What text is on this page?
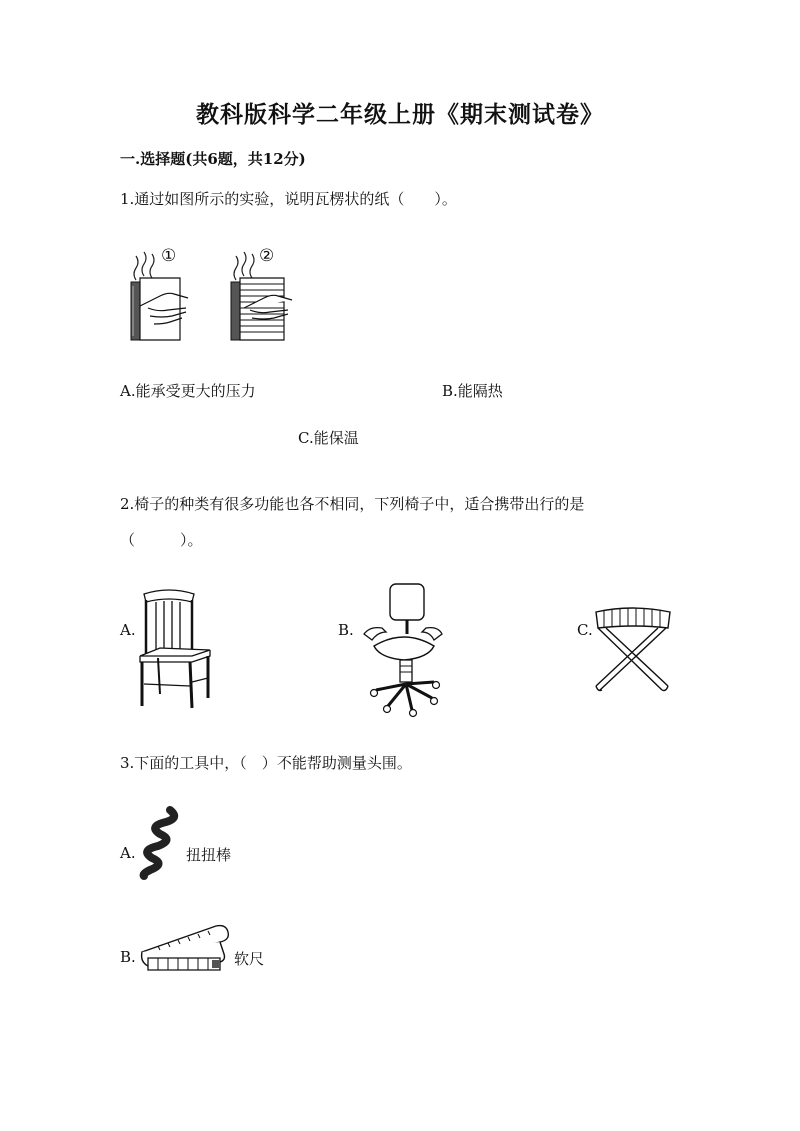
教科版科学二年级上册《期末测试卷》
一.选择题(共6题，共12分)
1.通过如图所示的实验，说明瓦楞状的纸（　　）。
①	②
A.能承受更大的压力	B.能隔热
C.能保温
2.椅子的种类有很多功能也各不相同，下列椅子中，适合携带出行的是
（　　　）。
A.	B.	C.
3.下面的工具中，（　）不能帮助测量头围。
A.	扭扭棒
B.	软尺
